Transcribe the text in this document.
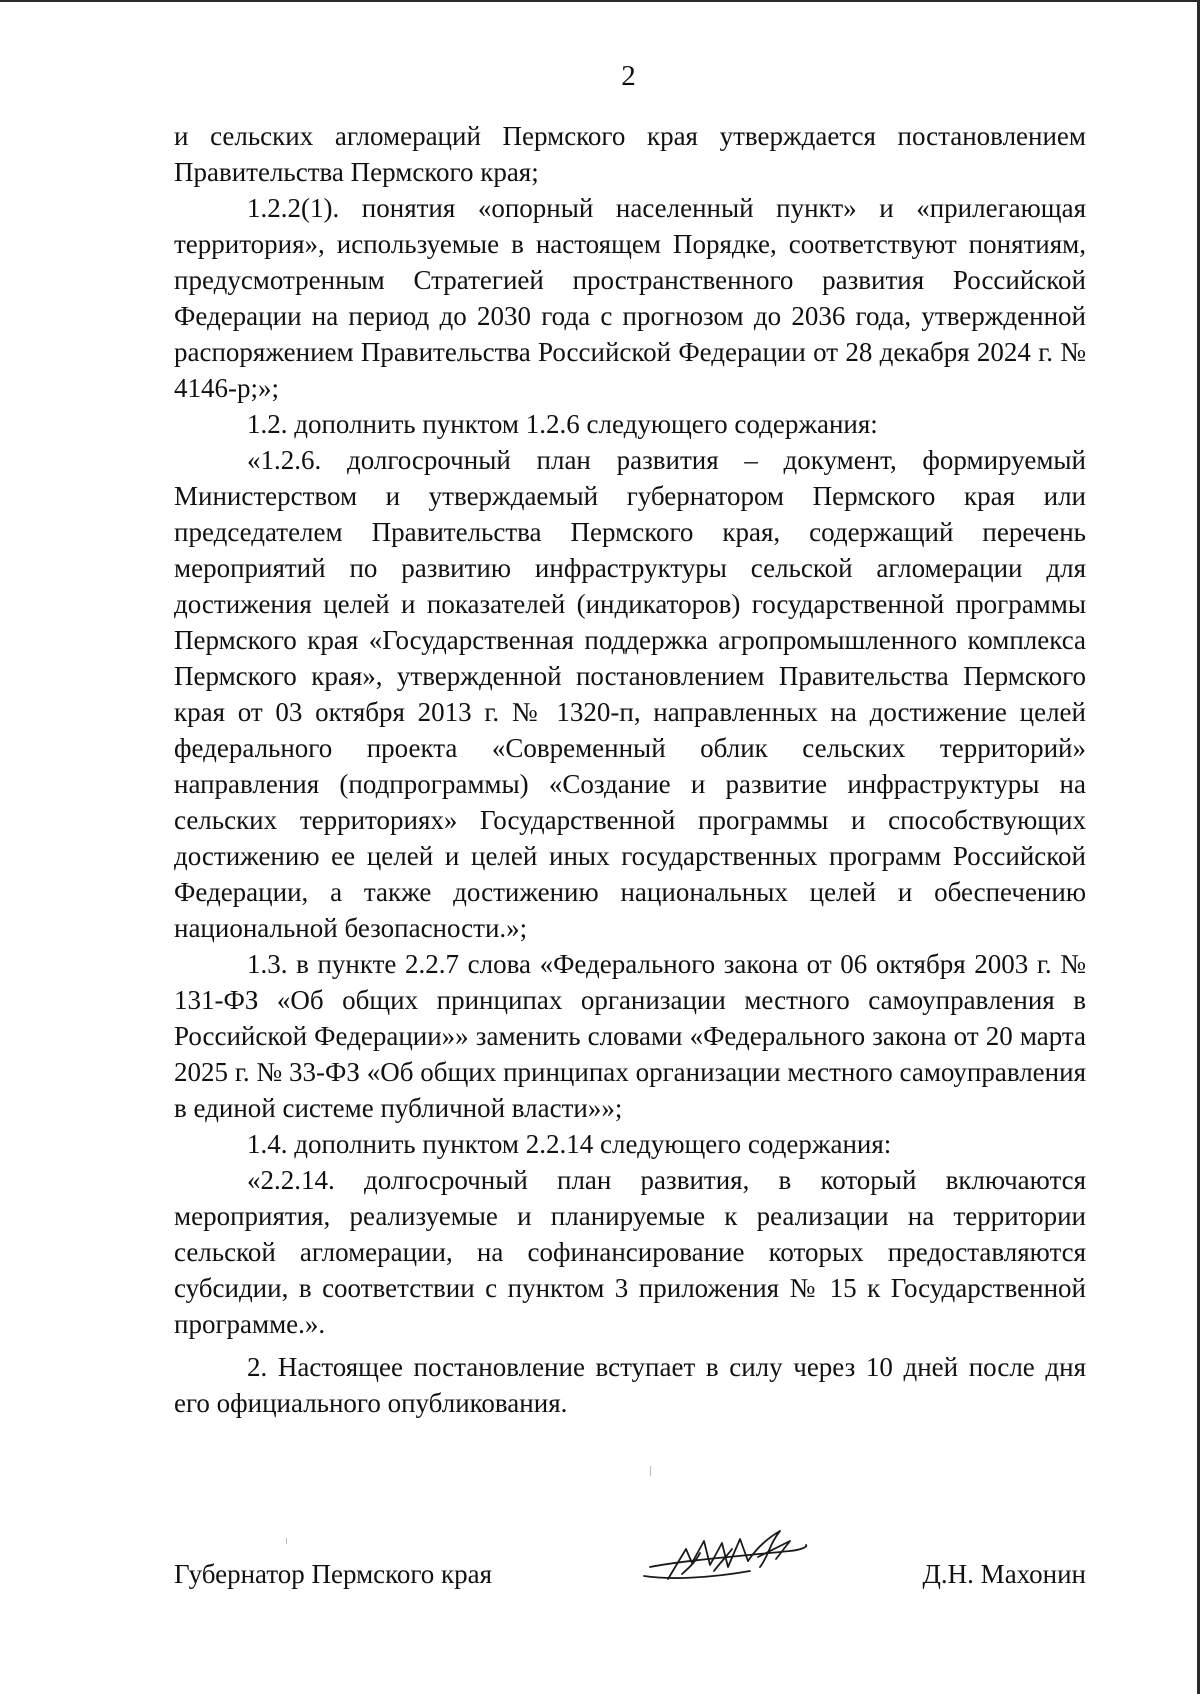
2

и сельских агломераций Пермского края утверждается постановлением Правительства Пермского края;

1.2.2(1). понятия «опорный населенный пункт» и «прилегающая территория», используемые в настоящем Порядке, соответствуют понятиям, предусмотренным Стратегией пространственного развития Российской Федерации на период до 2030 года с прогнозом до 2036 года, утвержденной распоряжением Правительства Российской Федерации от 28 декабря 2024 г. № 4146-р;»;

1.2. дополнить пунктом 1.2.6 следующего содержания:

«1.2.6. долгосрочный план развития – документ, формируемый Министерством и утверждаемый губернатором Пермского края или председателем Правительства Пермского края, содержащий перечень мероприятий по развитию инфраструктуры сельской агломерации для достижения целей и показателей (индикаторов) государственной программы Пермского края «Государственная поддержка агропромышленного комплекса Пермского края», утвержденной постановлением Правительства Пермского края от 03 октября 2013 г. № 1320-п, направленных на достижение целей федерального проекта «Современный облик сельских территорий» направления (подпрограммы) «Создание и развитие инфраструктуры на сельских территориях» Государственной программы и способствующих достижению ее целей и целей иных государственных программ Российской Федерации, а также достижению национальных целей и обеспечению национальной безопасности.»;

1.3. в пункте 2.2.7 слова «Федерального закона от 06 октября 2003 г. № 131-ФЗ «Об общих принципах организации местного самоуправления в Российской Федерации»» заменить словами «Федерального закона от 20 марта 2025 г. № 33-ФЗ «Об общих принципах организации местного самоуправления в единой системе публичной власти»»;

1.4. дополнить пунктом 2.2.14 следующего содержания:

«2.2.14. долгосрочный план развития, в который включаются мероприятия, реализуемые и планируемые к реализации на территории сельской агломерации, на софинансирование которых предоставляются субсидии, в соответствии с пунктом 3 приложения № 15 к Государственной программе.».

2. Настоящее постановление вступает в силу через 10 дней после дня его официального опубликования.

Губернатор Пермского края	Д.Н. Махонин
